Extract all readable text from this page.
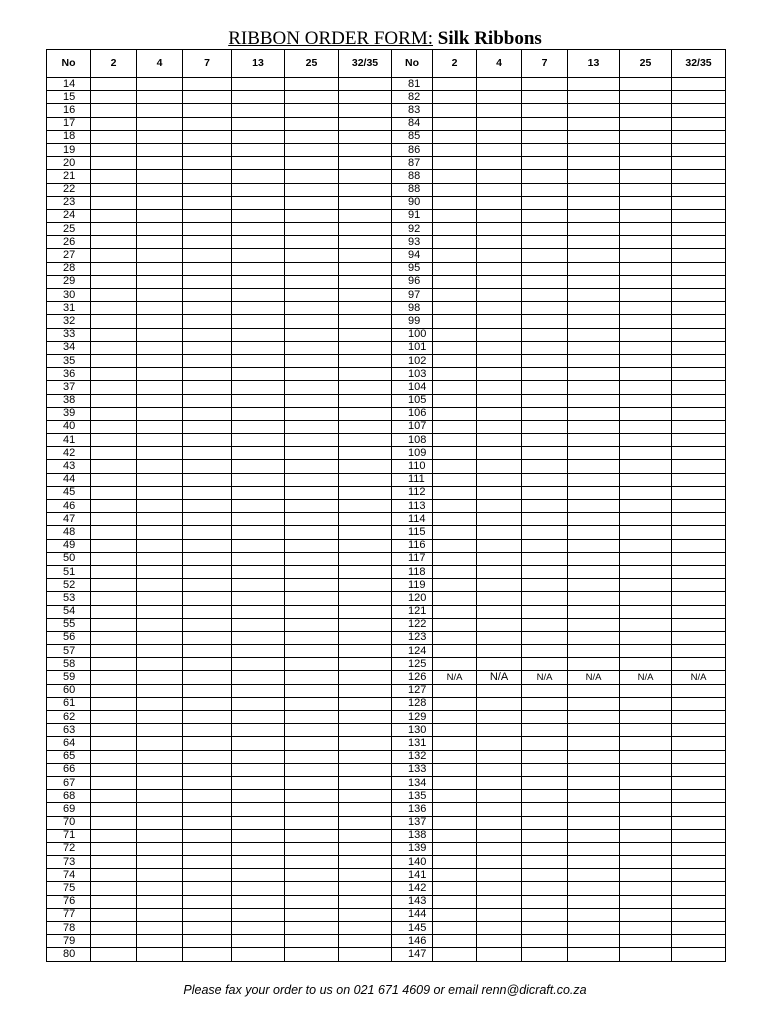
RIBBON ORDER FORM: Silk Ribbons
No	2	4	7	13	25	32/35	No	2	4	7	13	25	32/35
14							81						
15							82						
16							83						
17							84						
18							85						
19							86						
20							87						
21							88						
22							88						
23							90						
24							91						
25							92						
26							93						
27							94						
28							95						
29							96						
30							97						
31							98						
32							99						
33							100						
34							101						
35							102						
36							103						
37							104						
38							105						
39							106						
40							107						
41							108						
42							109						
43							110						
44							111						
45							112						
46							113						
47							114						
48							115						
49							116						
50							117						
51							118						
52							119						
53							120						
54							121						
55							122						
56							123						
57							124						
58							125						
59							126	N/A	N/A	N/A	N/A	N/A	N/A
60							127						
61							128						
62							129						
63							130						
64							131						
65							132						
66							133						
67							134						
68							135						
69							136						
70							137						
71							138						
72							139						
73							140						
74							141						
75							142						
76							143						
77							144						
78							145						
79							146						
80							147						
Please fax your order to us on 021 671 4609 or email renn@dicraft.co.za
